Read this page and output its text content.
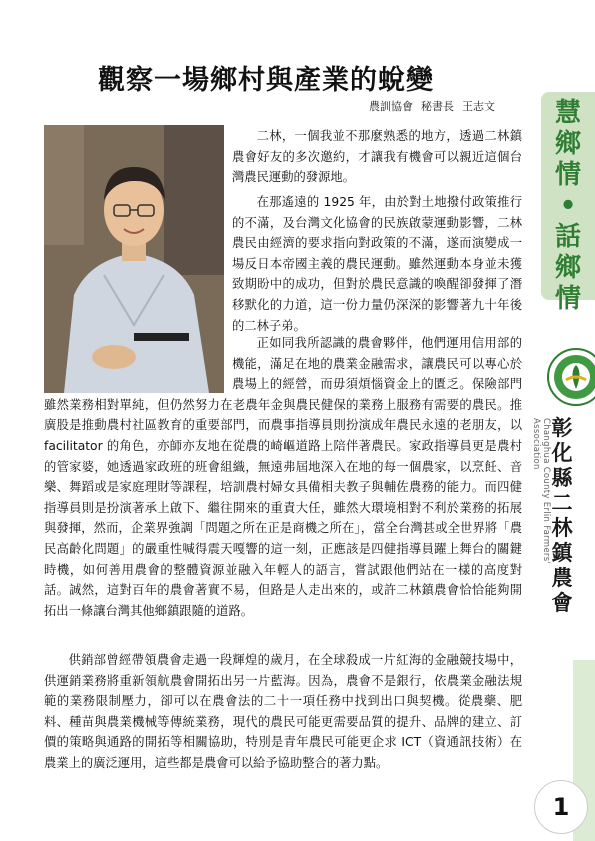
觀察一場鄉村與產業的蛻變
農訓協會 秘書長 王志文
二林，一個我並不那麼熟悉的地方，透過二林鎮農會好友的多次邀約，才讓我有機會可以親近這個台灣農民運動的發源地。
在那遙遠的 1925 年，由於對土地撥付政策推行的不滿，及台灣文化協會的民族啟蒙運動影響，二林農民由經濟的要求指向對政策的不滿，遂而演變成一場反日本帝國主義的農民運動。雖然運動本身並未獲致期盼中的成功，但對於農民意識的喚醒卻發揮了潛移默化的力道，這一份力量仍深深的影響著九十年後的二林子弟。
正如同我所認識的農會夥伴，他們運用信用部的機能，滿足在地的農業金融需求，讓農民可以專心於農場上的經營，而毋須煩惱資金上的匱乏。保險部門雖然業務相對單純，但仍然努力在老農年金與農民健保的業務上服務有需要的農民。推廣股是推動農村社區教育的重要部門，而農事指導員則扮演成年農民永遠的老朋友，以 facilitator 的角色，亦師亦友地在從農的崎嶇道路上陪伴著農民。家政指導員更是農村的管家婆，她透過家政班的班會組織，無遠弗屆地深入在地的每一個農家，以烹飪、音樂、舞蹈或是家庭理財等課程，培訓農村婦女具備相夫教子與輔佐農務的能力。而四健指導員則是扮演著承上啟下、繼往開來的重責大任，雖然大環境相對不利於業務的拓展與發揮，然而，企業界強調「問題之所在正是商機之所在」，當全台灣甚或全世界將「農民高齡化問題」的嚴重性喊得震天嘎響的這一刻，正應該是四健指導員躍上舞台的關鍵時機，如何善用農會的整體資源並融入年輕人的語言，嘗試跟他們站在一樣的高度對話。誠然，這對百年的農會著實不易，但路是人走出來的，或許二林鎮農會恰恰能夠開拓出一條讓台灣其他鄉鎮跟隨的道路。
供銷部曾經帶領農會走過一段輝煌的歲月，在全球殺成一片紅海的金融競技場中，供運銷業務將重新領航農會開拓出另一片藍海。因為，農會不是銀行，依農業金融法規範的業務限制壓力，卻可以在農會法的二十一項任務中找到出口與契機。從農藥、肥料、種苗與農業機械等傳統業務，現代的農民可能更需要品質的提升、品牌的建立、訂價的策略與通路的開拓等相關協助，特別是青年農民可能更企求 ICT（資通訊技術）在農業上的廣泛運用，這些都是農會可以給予協助整合的著力點。
慧鄉情
•
話鄉情
Changhua County Erlin Farmers' Association 彰化縣二林鎮農會
1
